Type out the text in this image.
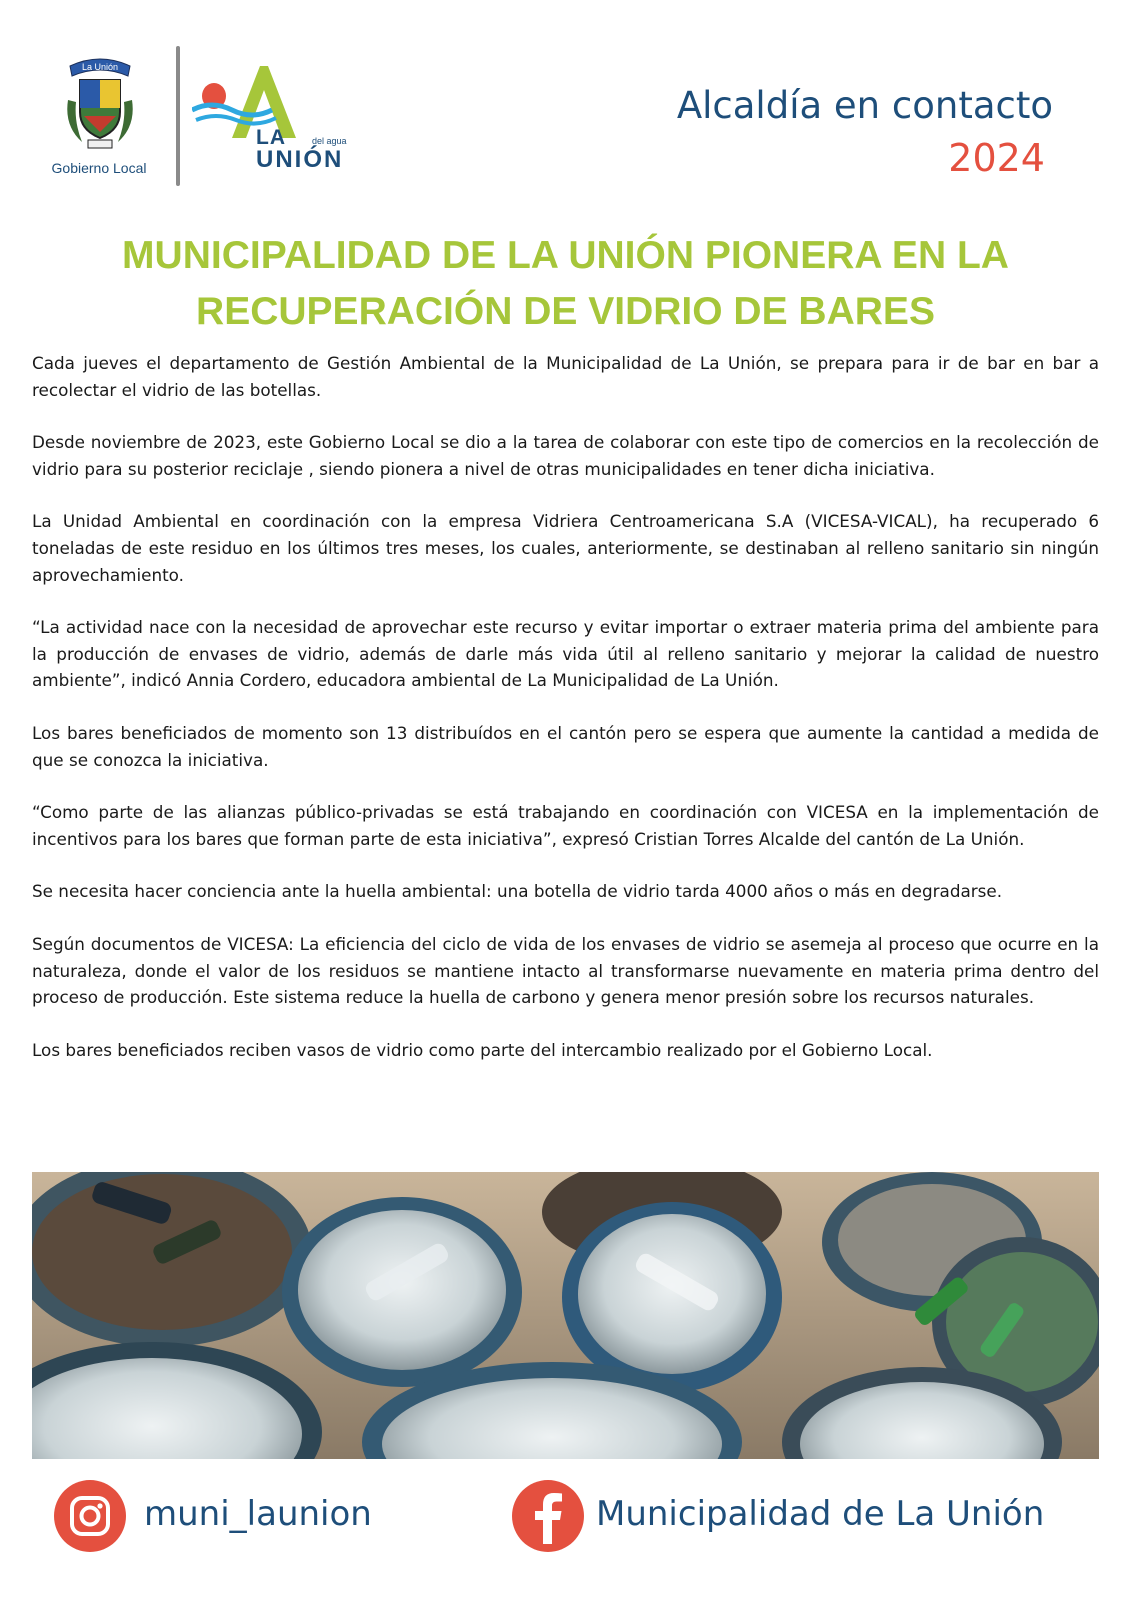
La Unión
Gobierno Local
LA	del agua
UNIÓN
Alcaldía en contacto
2024
MUNICIPALIDAD DE LA UNIÓN PIONERA EN LA
RECUPERACIÓN DE VIDRIO DE BARES

Cada jueves el departamento de Gestión Ambiental de la Municipalidad de La Unión, se prepara para ir de bar en bar a recolectar el vidrio de las botellas.

Desde noviembre de 2023, este Gobierno Local se dio a la tarea de colaborar con este tipo de comercios en la recolección de vidrio para su posterior reciclaje , siendo pionera a nivel de otras municipalidades en tener dicha iniciativa.

La Unidad Ambiental en coordinación con la empresa Vidriera Centroamericana S.A (VICESA-VICAL), ha recuperado 6 toneladas de este residuo en los últimos tres meses, los cuales, anteriormente, se destinaban al relleno sanitario sin ningún aprovechamiento.

“La actividad nace con la necesidad de aprovechar este recurso y evitar importar o extraer materia prima del ambiente para la producción de envases de vidrio, además de darle más vida útil al relleno sanitario y mejorar la calidad de nuestro ambiente”, indicó Annia Cordero, educadora ambiental de La Municipalidad de La Unión.

Los bares beneficiados de momento son 13 distribuídos en el cantón pero se espera que aumente la cantidad a medida de que se conozca la iniciativa.

“Como parte de las alianzas público-privadas se está trabajando en coordinación con VICESA en la implementación de incentivos para los bares que forman parte de esta iniciativa”, expresó Cristian Torres Alcalde del cantón de La Unión.

Se necesita hacer conciencia ante la huella ambiental: una botella de vidrio tarda 4000 años o más en degradarse.

Según documentos de VICESA: La eficiencia del ciclo de vida de los envases de vidrio se asemeja al proceso que ocurre en la naturaleza, donde el valor de los residuos se mantiene intacto al transformarse nuevamente en materia prima dentro del proceso de producción. Este sistema reduce la huella de carbono y genera menor presión sobre los recursos naturales.

Los bares beneficiados reciben vasos de vidrio como parte del intercambio realizado por el Gobierno Local.

muni_launion	Municipalidad de La Unión
